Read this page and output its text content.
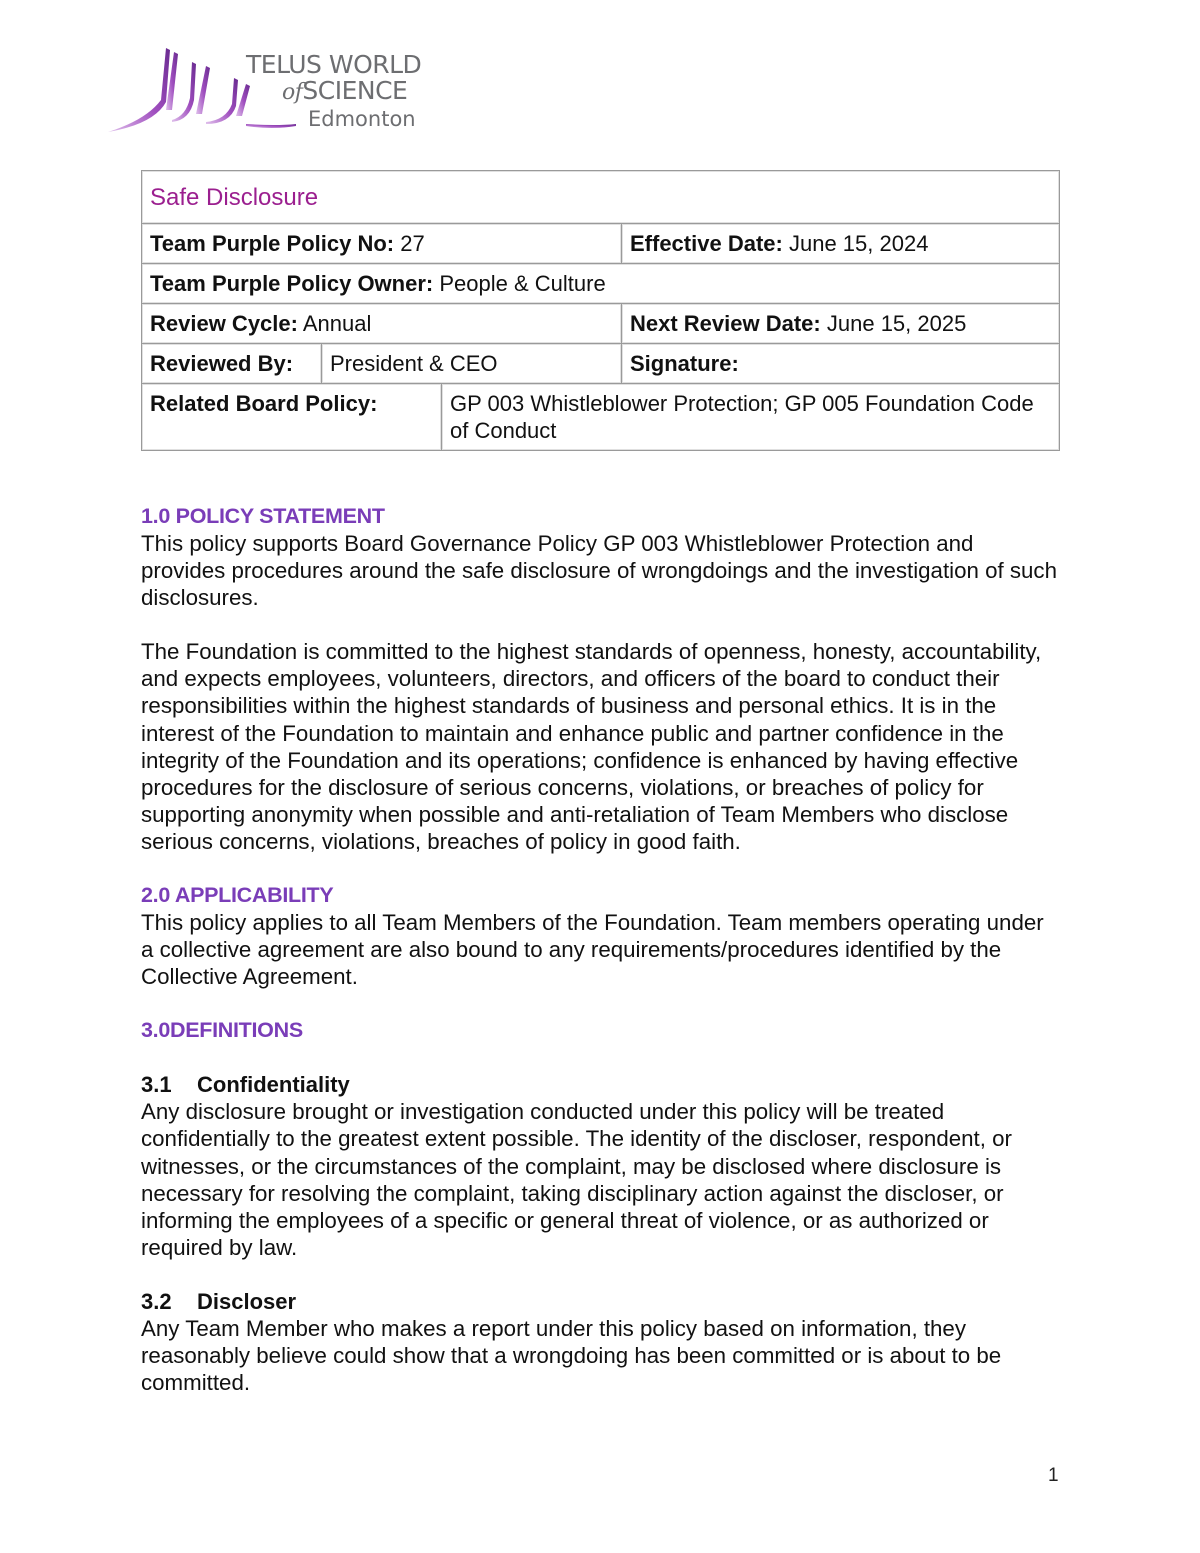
TELUS WORLD
ofSCIENCE
Edmonton
Safe Disclosure			
Team Purple Policy No: 27			Effective Date: June 15, 2024
Team Purple Policy Owner: People & Culture			
Review Cycle: Annual			Next Review Date: June 15, 2025
Reviewed By:	President & CEO		Signature:
Related Board Policy:		GP 003 Whistleblower Protection; GP 005 Foundation Code of Conduct	
1.0 POLICY STATEMENT

This policy supports Board Governance Policy GP 003 Whistleblower Protection and provides procedures around the safe disclosure of wrongdoings and the investigation of such disclosures.

The Foundation is committed to the highest standards of openness, honesty, accountability, and expects employees, volunteers, directors, and officers of the board to conduct their responsibilities within the highest standards of business and personal ethics. It is in the interest of the Foundation to maintain and enhance public and partner confidence in the integrity of the Foundation and its operations; confidence is enhanced by having effective procedures for the disclosure of serious concerns, violations, or breaches of policy for supporting anonymity when possible and anti-retaliation of Team Members who disclose serious concerns, violations, breaches of policy in good faith.

2.0 APPLICABILITY

This policy applies to all Team Members of the Foundation. Team members operating under a collective agreement are also bound to any requirements/procedures identified by the Collective Agreement.

3.0DEFINITIONS
3.1 Confidentiality

Any disclosure brought or investigation conducted under this policy will be treated confidentially to the greatest extent possible. The identity of the discloser, respondent, or witnesses, or the circumstances of the complaint, may be disclosed where disclosure is necessary for resolving the complaint, taking disciplinary action against the discloser, or informing the employees of a specific or general threat of violence, or as authorized or required by law.

3.2 Discloser

Any Team Member who makes a report under this policy based on information, they reasonably believe could show that a wrongdoing has been committed or is about to be committed.

1
